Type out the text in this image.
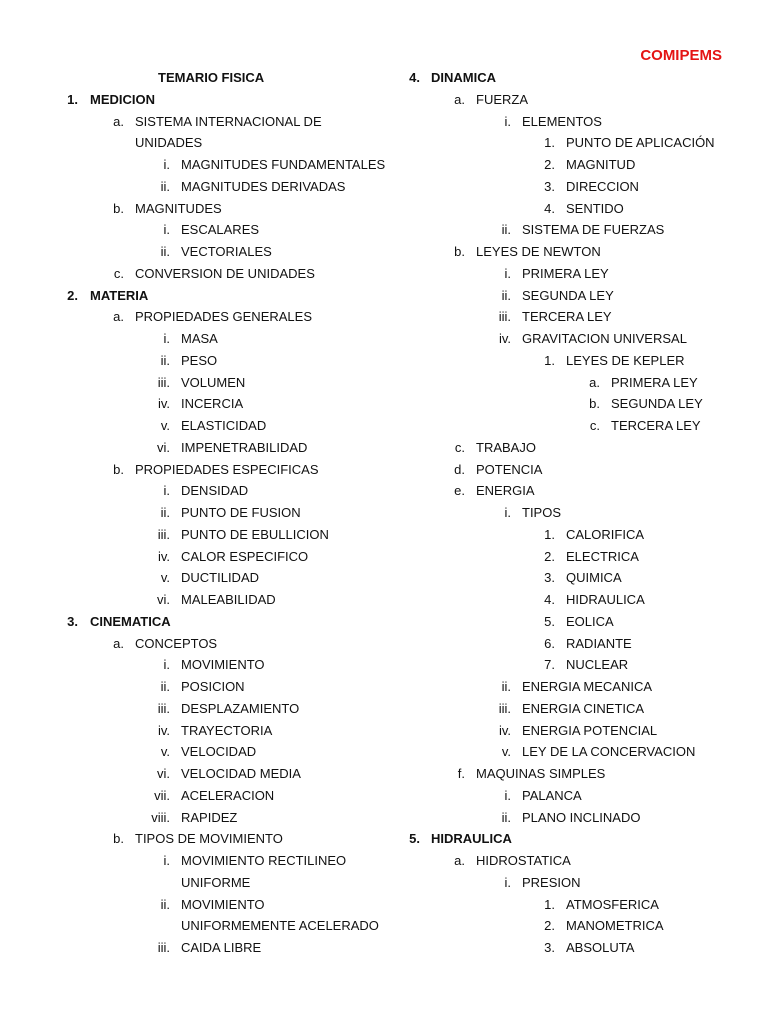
COMIPEMS
TEMARIO FISICA
1. MEDICION
a. SISTEMA INTERNACIONAL DE
UNIDADES
i. MAGNITUDES FUNDAMENTALES
ii. MAGNITUDES DERIVADAS
b. MAGNITUDES
i. ESCALARES
ii. VECTORIALES
c. CONVERSION DE UNIDADES
2. MATERIA
a. PROPIEDADES GENERALES
i. MASA
ii. PESO
iii. VOLUMEN
iv. INCERCIA
v. ELASTICIDAD
vi. IMPENETRABILIDAD
b. PROPIEDADES ESPECIFICAS
i. DENSIDAD
ii. PUNTO DE FUSION
iii. PUNTO DE EBULLICION
iv. CALOR ESPECIFICO
v. DUCTILIDAD
vi. MALEABILIDAD
3. CINEMATICA
a. CONCEPTOS
i. MOVIMIENTO
ii. POSICION
iii. DESPLAZAMIENTO
iv. TRAYECTORIA
v. VELOCIDAD
vi. VELOCIDAD MEDIA
vii. ACELERACION
viii. RAPIDEZ
b. TIPOS DE MOVIMIENTO
i. MOVIMIENTO RECTILINEO
UNIFORME
ii. MOVIMIENTO
UNIFORMEMENTE ACELERADO
iii. CAIDA LIBRE
4. DINAMICA
a. FUERZA
i. ELEMENTOS
1. PUNTO DE APLICACIÓN
2. MAGNITUD
3. DIRECCION
4. SENTIDO
ii. SISTEMA DE FUERZAS
b. LEYES DE NEWTON
i. PRIMERA LEY
ii. SEGUNDA LEY
iii. TERCERA LEY
iv. GRAVITACION UNIVERSAL
1. LEYES DE KEPLER
a. PRIMERA LEY
b. SEGUNDA LEY
c. TERCERA LEY
c. TRABAJO
d. POTENCIA
e. ENERGIA
i. TIPOS
1. CALORIFICA
2. ELECTRICA
3. QUIMICA
4. HIDRAULICA
5. EOLICA
6. RADIANTE
7. NUCLEAR
ii. ENERGIA MECANICA
iii. ENERGIA CINETICA
iv. ENERGIA POTENCIAL
v. LEY DE LA CONCERVACION
f. MAQUINAS SIMPLES
i. PALANCA
ii. PLANO INCLINADO
5. HIDRAULICA
a. HIDROSTATICA
i. PRESION
1. ATMOSFERICA
2. MANOMETRICA
3. ABSOLUTA
